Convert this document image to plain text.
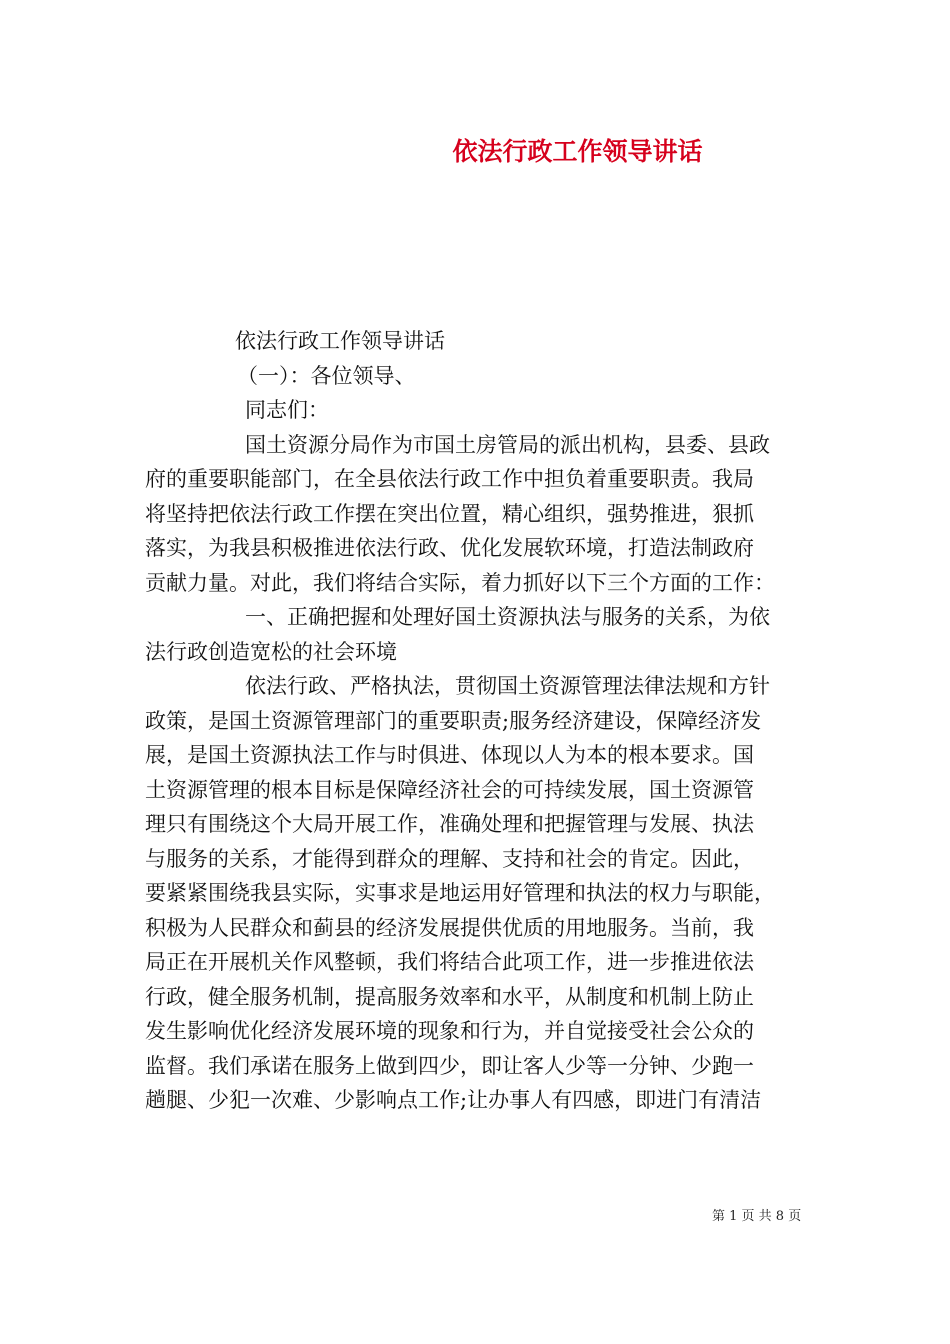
依法行政工作领导讲话
依法行政工作领导讲话
（一）：各位领导、
同志们：
国土资源分局作为市国土房管局的派出机构，县委、县政
府的重要职能部门，在全县依法行政工作中担负着重要职责。我局
将坚持把依法行政工作摆在突出位置，精心组织，强势推进，狠抓
落实，为我县积极推进依法行政、优化发展软环境，打造法制政府
贡献力量。对此，我们将结合实际，着力抓好以下三个方面的工作：
一、正确把握和处理好国土资源执法与服务的关系，为依
法行政创造宽松的社会环境
依法行政、严格执法，贯彻国土资源管理法律法规和方针
政策，是国土资源管理部门的重要职责;服务经济建设，保障经济发
展，是国土资源执法工作与时俱进、体现以人为本的根本要求。国
土资源管理的根本目标是保障经济社会的可持续发展，国土资源管
理只有围绕这个大局开展工作，准确处理和把握管理与发展、执法
与服务的关系，才能得到群众的理解、支持和社会的肯定。因此，
要紧紧围绕我县实际，实事求是地运用好管理和执法的权力与职能，
积极为人民群众和蓟县的经济发展提供优质的用地服务。当前，我
局正在开展机关作风整顿，我们将结合此项工作，进一步推进依法
行政，健全服务机制，提高服务效率和水平，从制度和机制上防止
发生影响优化经济发展环境的现象和行为，并自觉接受社会公众的
监督。我们承诺在服务上做到四少，即让客人少等一分钟、少跑一
趟腿、少犯一次难、少影响点工作;让办事人有四感，即进门有清洁
第 1 页 共 8 页
